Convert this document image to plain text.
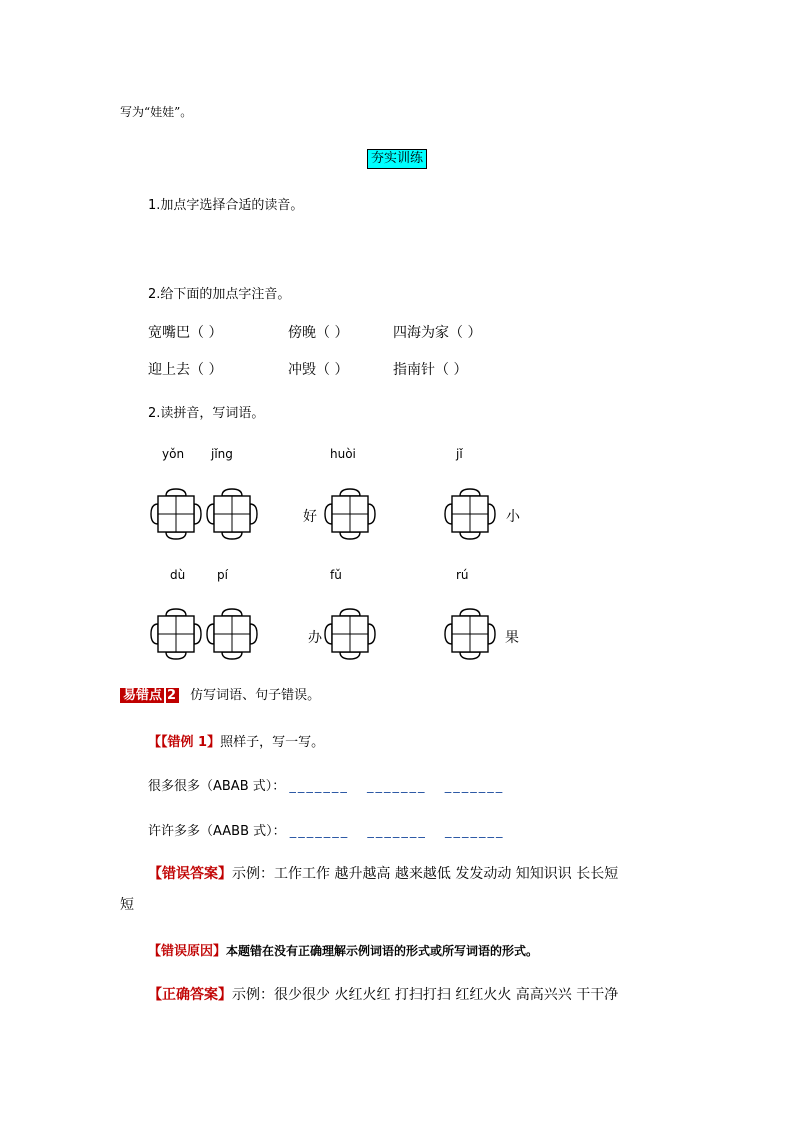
写为“娃娃”。
夯实训练
1.加点字选择合适的读音。
2.给下面的加点字注音。
宽嘴巴（ ）	傍晚（ ）	四海为家（ ）
迎上去（ ）	冲毁（ ）	指南针（ ）
2.读拼音，写词语。
yǒn jǐng	huòi	jǐ
好	小
dù	pí	fǔ	rú
办	果
易错点 2 仿写词语、句子错误。
【【错例 1】照样子，写一写。
很多很多（ABAB 式）： _______ _______ _______
许许多多（AABB 式）： _______ _______ _______
【错误答案】示例：工作工作 越升越高 越来越低 发发动动 知知识识 长长短
短
【错误原因】本题错在没有正确理解示例词语的形式或所写词语的形式。
【正确答案】示例：很少很少 火红火红 打扫打扫 红红火火 高高兴兴 干干净
